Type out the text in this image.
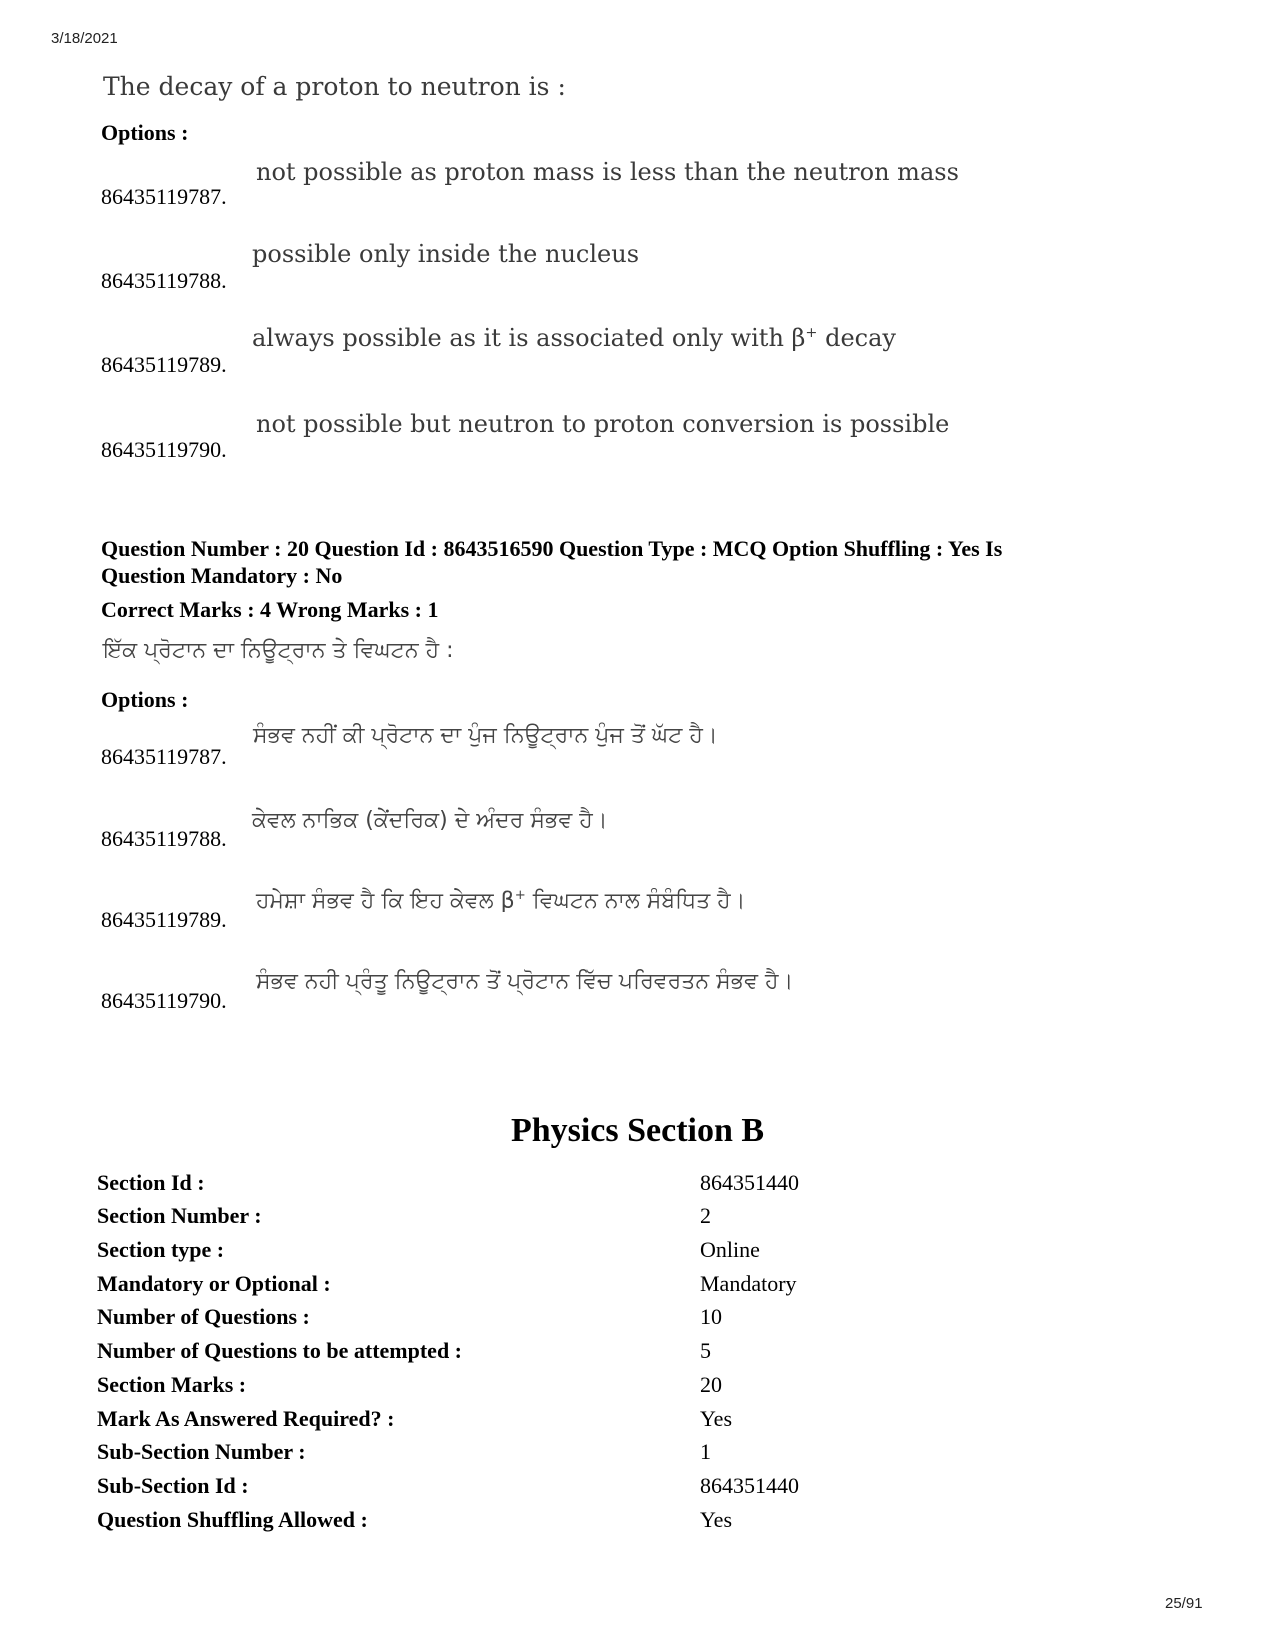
3/18/2021
The decay of a proton to neutron is :
Options :
86435119787.
not possible as proton mass is less than the neutron mass
86435119788.
possible only inside the nucleus
86435119789.
always possible as it is associated only with β+ decay
86435119790.
not possible but neutron to proton conversion is possible
Question Number : 20 Question Id : 8643516590 Question Type : MCQ Option Shuffling : Yes Is
Question Mandatory : No
Correct Marks : 4 Wrong Marks : 1
ਇੱਕ ਪ੍ਰੋਟਾਨ ਦਾ ਨਿਊਟ੍ਰਾਨ ਤੇ ਵਿਘਟਨ ਹੈ :
Options :
86435119787.
ਸੰਭਵ ਨਹੀਂ ਕੀ ਪ੍ਰੋਟਾਨ ਦਾ ਪੁੰਜ ਨਿਊਟ੍ਰਾਨ ਪੁੰਜ ਤੋਂ ਘੱਟ ਹੈ।
86435119788.
ਕੇਵਲ ਨਾਭਿਕ (ਕੇਂਦਰਿਕ) ਦੇ ਅੰਦਰ ਸੰਭਵ ਹੈ।
86435119789.
ਹਮੇਸ਼ਾ ਸੰਭਵ ਹੈ ਕਿ ਇਹ ਕੇਵਲ β+ ਵਿਘਟਨ ਨਾਲ ਸੰਬੰਧਿਤ ਹੈ।
86435119790.
ਸੰਭਵ ਨਹੀ ਪ੍ਰੰਤੂ ਨਿਊਟ੍ਰਾਨ ਤੋਂ ਪ੍ਰੋਟਾਨ ਵਿੱਚ ਪਰਿਵਰਤਨ ਸੰਭਵ ਹੈ।
Physics Section B
Section Id :	864351440
Section Number :	2
Section type :	Online
Mandatory or Optional :	Mandatory
Number of Questions :	10
Number of Questions to be attempted :	5
Section Marks :	20
Mark As Answered Required? :	Yes
Sub-Section Number :	1
Sub-Section Id :	864351440
Question Shuffling Allowed :	Yes
25/91
